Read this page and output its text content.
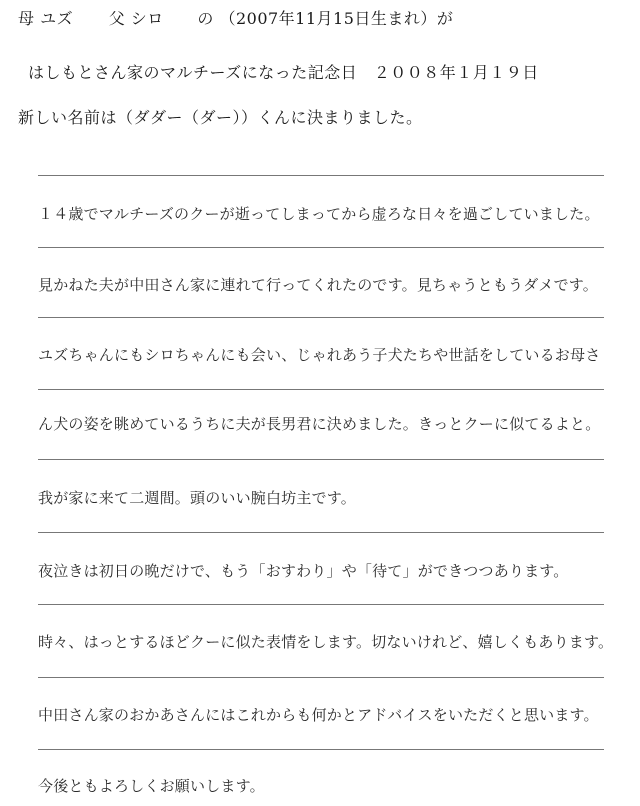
母 ユズ 父 シロ の （2007年11月15日生まれ）が
はしもとさん家のマルチーズになった記念日　２００８年１月１９日
新しい名前は（ダダー（ダー））くんに決まりました。
１４歳でマルチーズのクーが逝ってしまってから虚ろな日々を過ごしていました。
見かねた夫が中田さん家に連れて行ってくれたのです。見ちゃうともうダメです。
ユズちゃんにもシロちゃんにも会い、じゃれあう子犬たちや世話をしているお母さ
ん犬の姿を眺めているうちに夫が長男君に決めました。きっとクーに似てるよと。
我が家に来て二週間。頭のいい腕白坊主です。
夜泣きは初日の晩だけで、もう「おすわり」や「待て」ができつつあります。
時々、はっとするほどクーに似た表情をします。切ないけれど、嬉しくもあります。
中田さん家のおかあさんにはこれからも何かとアドバイスをいただくと思います。
今後ともよろしくお願いします。
